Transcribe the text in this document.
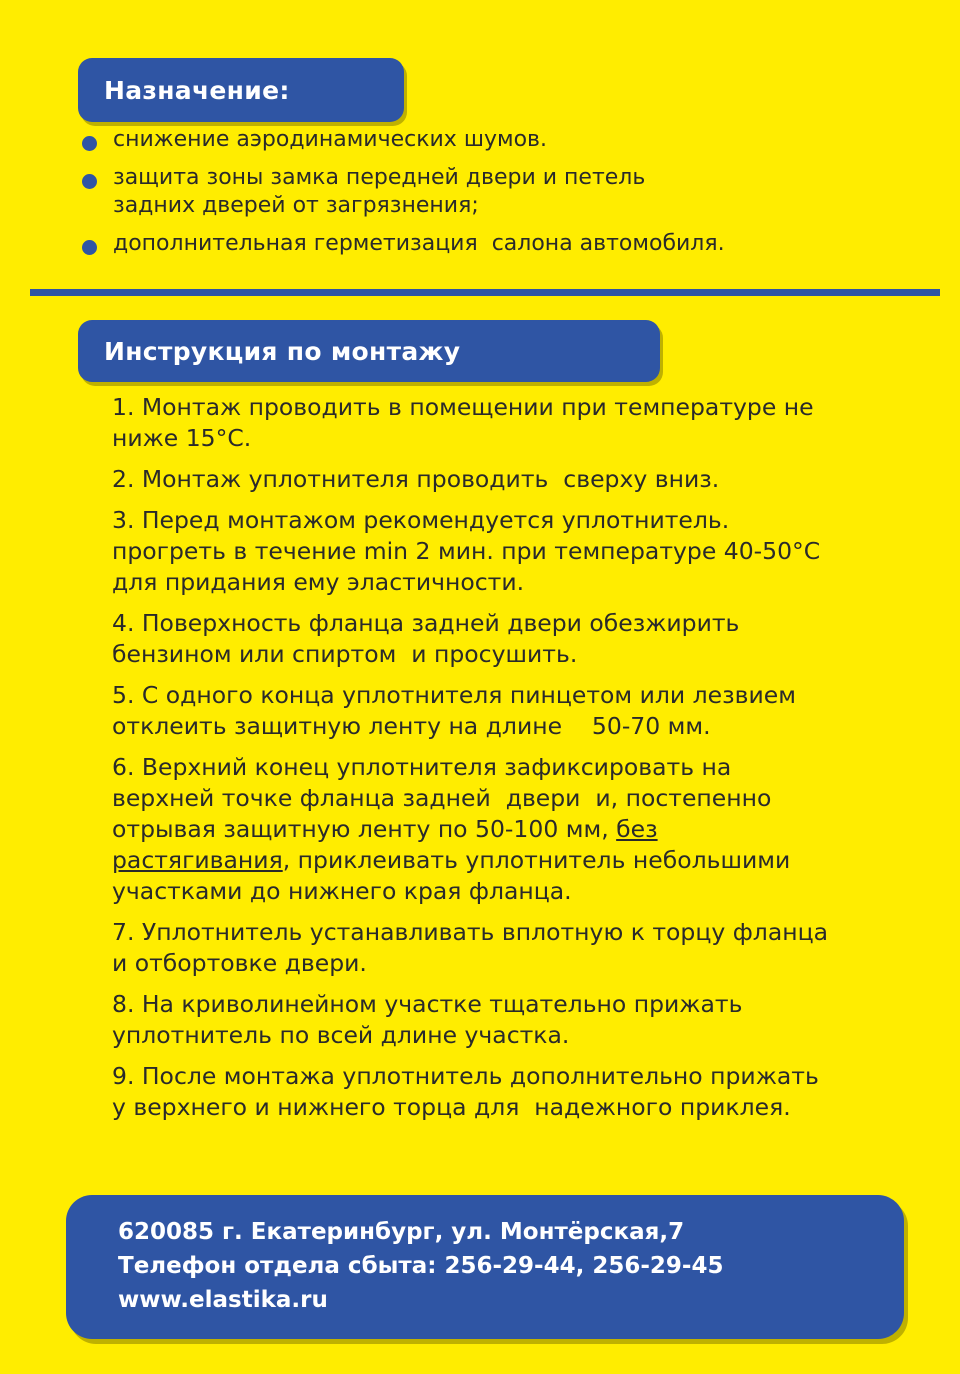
Назначение:
снижение аэродинамических шумов.
защита зоны замка передней двери и петель
задних дверей от загрязнения;
дополнительная герметизация  салона автомобиля.
Инструкция по монтажу

1. Монтаж проводить в помещении при температуре не
ниже 15°С.

2. Монтаж уплотнителя проводить  сверху вниз.

3. Перед монтажом рекомендуется уплотнитель.
прогреть в течение min 2 мин. при температуре 40-50°С
для придания ему эластичности.

4. Поверхность фланца задней двери обезжирить
бензином или спиртом  и просушить.

5. С одного конца уплотнителя пинцетом или лезвием
отклеить защитную ленту на длине    50-70 мм.

6. Верхний конец уплотнителя зафиксировать на
верхней точке фланца задней  двери  и, постепенно
отрывая защитную ленту по 50-100 мм, без
растягивания, приклеивать уплотнитель небольшими
участками до нижнего края фланца.

7. Уплотнитель устанавливать вплотную к торцу фланца
и отбортовке двери.

8. На криволинейном участке тщательно прижать
уплотнитель по всей длине участка.

9. После монтажа уплотнитель дополнительно прижать
у верхнего и нижнего торца для  надежного приклея.

620085 г. Екатеринбург, ул. Монтёрская,7
Телефон отдела сбыта: 256-29-44, 256-29-45
www.elastika.ru
